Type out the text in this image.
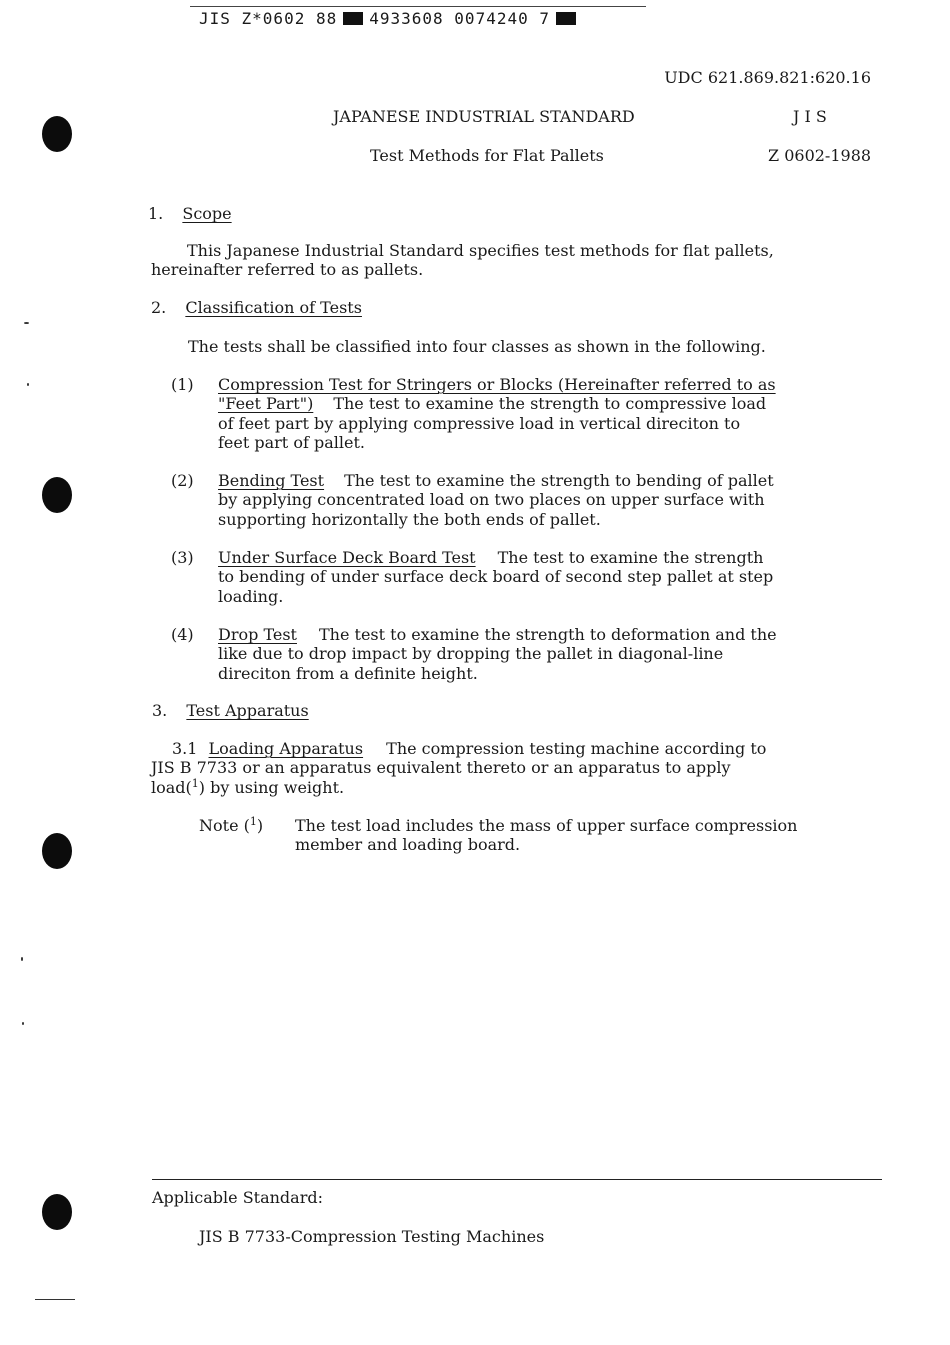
JIS Z*0602 88 4933608 0074240 7
UDC 621.869.821:620.16
JAPANESE INDUSTRIAL STANDARD	J I S
Test Methods for Flat Pallets	Z 0602-1988
1. Scope
This Japanese Industrial Standard specifies test methods for flat pallets,
hereinafter referred to as pallets.
2. Classification of Tests
The tests shall be classified into four classes as shown in the following.
(1) Compression Test for Stringers or Blocks (Hereinafter referred to as
"Feet Part") The test to examine the strength to compressive load
of feet part by applying compressive load in vertical direciton to
feet part of pallet.
(2) Bending Test The test to examine the strength to bending of pallet
by applying concentrated load on two places on upper surface with
supporting horizontally the both ends of pallet.
(3) Under Surface Deck Board Test The test to examine the strength
to bending of under surface deck board of second step pallet at step
loading.
(4) Drop Test The test to examine the strength to deformation and the
like due to drop impact by dropping the pallet in diagonal-line
direciton from a definite height.
3. Test Apparatus
3.1 Loading Apparatus The compression testing machine according to
JIS B 7733 or an apparatus equivalent thereto or an apparatus to apply
load($^1$) by using weight.
Note ($^1$) The test load includes the mass of upper surface compression
member and loading board.
Applicable Standard:
JIS B 7733-Compression Testing Machines
